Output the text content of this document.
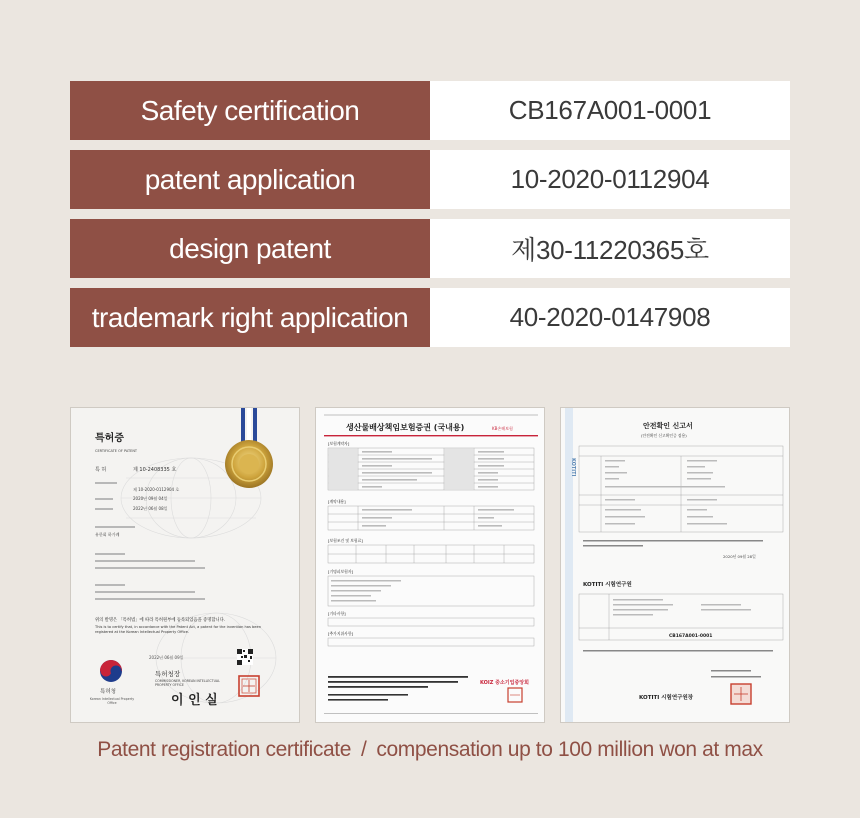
Safety certification	CB167A001-0001
patent application	10-2020-0112904
design patent	제30-11220365호
trademark right application	40-2020-0147908
특허증
CERTIFICATE OF PATENT
특 허	제 10-2408335 호
제 10-2020-0112904 호
2020년 09월 04일
2022년 06월 08일
유한회 하가례
위의 발명은 「특허법」에 따라 특허원부에 등록되었음을 증명합니다.
This is to certify that, in accordance with the Patent Act, a patent for the invention has been registered at the Korean Intellectual Property Office.
2022년 06월 09일
특허청
Korean Intellectual Property Office
특허청장
COMMISSIONER, KOREAN INTELLECTUAL PROPERTY OFFICE
이 인 실
생산물배상책임보험증권 (국내용)	KB손해보험
[보험계약자]
[계약내용]
[보험조건 및 보험료]
[기명피보험자]
[기타사항]
[추가지위사항]
KOIZ 중소기업중앙회
KOTITI
안전확인 신고서
(안전확인 신고확인증 겸용)
2020년 09월 28일
KOTITI 시험연구원
CB167A001-0001
KOTITI 시험연구원장
Patent registration certificate / compensation up to 100 million won at max
